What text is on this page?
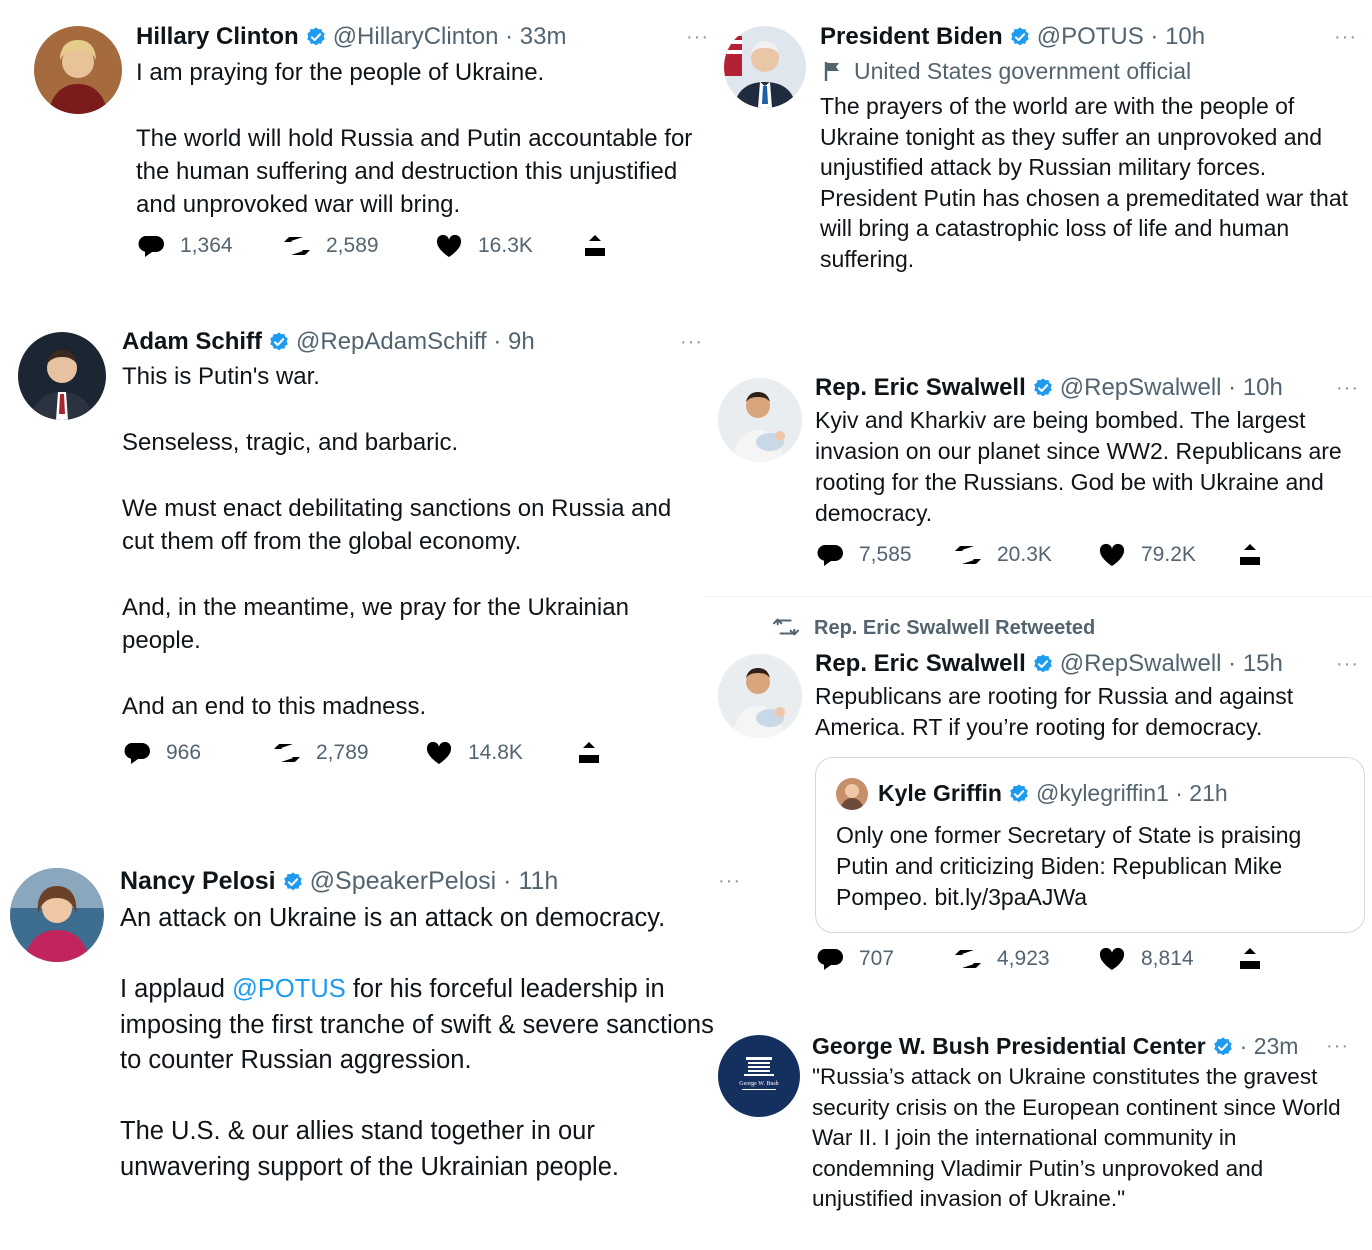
Hillary Clinton @HillaryClinton · 33m	···

I am praying for the people of Ukraine.

The world will hold Russia and Putin accountable for the human suffering and destruction this unjustified and unprovoked war will bring.

1,364	2,589	16.3K
President Biden @POTUS · 10h	···
United States government official

The prayers of the world are with the people of Ukraine tonight as they suffer an unprovoked and unjustified attack by Russian military forces. President Putin has chosen a premeditated war that will bring a catastrophic loss of life and human suffering.

Adam Schiff @RepAdamSchiff · 9h	···

This is Putin's war.

Senseless, tragic, and barbaric.

We must enact debilitating sanctions on Russia and cut them off from the global economy.

And, in the meantime, we pray for the Ukrainian people.

And an end to this madness.

966	2,789	14.8K
Rep. Eric Swalwell @RepSwalwell · 10h	···

Kyiv and Kharkiv are being bombed. The largest invasion on our planet since WW2. Republicans are rooting for the Russians. God be with Ukraine and democracy.

7,585	20.3K	79.2K
Rep. Eric Swalwell Retweeted
Rep. Eric Swalwell @RepSwalwell · 15h	···

Republicans are rooting for Russia and against America. RT if you’re rooting for democracy.

Kyle Griffin @kylegriffin1 · 21h

Only one former Secretary of State is praising Putin and criticizing Biden: Republican Mike Pompeo. bit.ly/3paAJWa

707	4,923	8,814
Nancy Pelosi @SpeakerPelosi · 11h	···

An attack on Ukraine is an attack on democracy.

I applaud @POTUS for his forceful leadership in imposing the first tranche of swift & severe sanctions to counter Russian aggression.

The U.S. & our allies stand together in our unwavering support of the Ukrainian people.

George W. Bush
George W. Bush Presidential Center · 23m ···

"Russia’s attack on Ukraine constitutes the gravest security crisis on the European continent since World War II. I join the international community in condemning Vladimir Putin’s unprovoked and unjustified invasion of Ukraine."
